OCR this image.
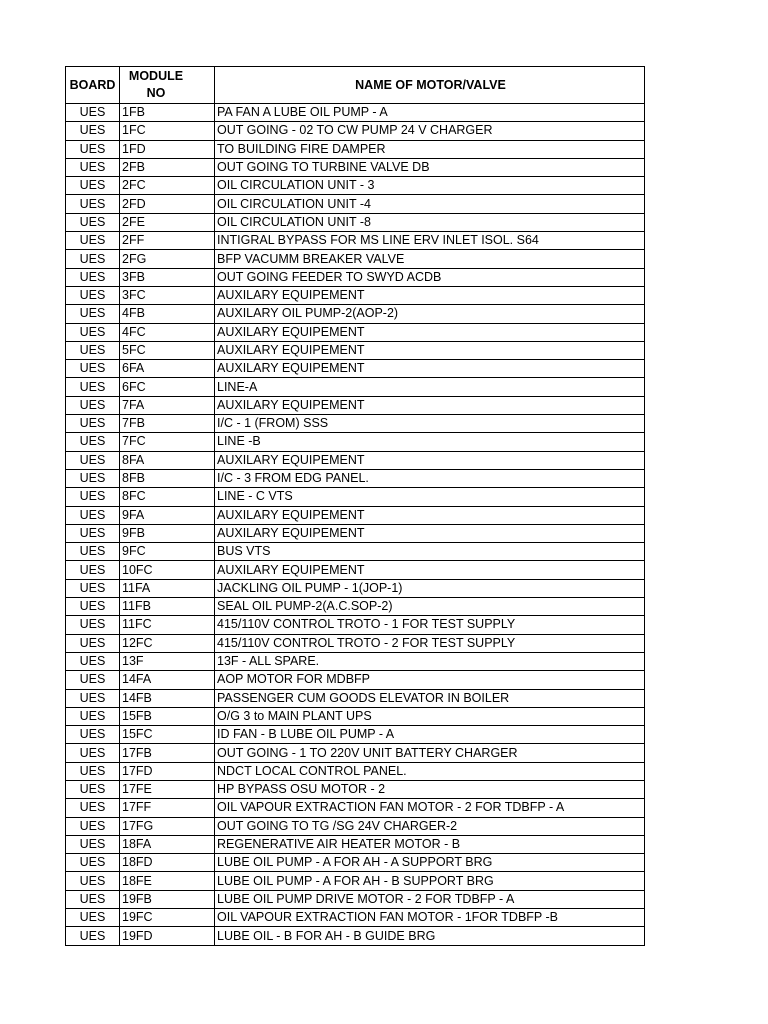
BOARD	MODULE NO	NAME OF MOTOR/VALVE
UES	1FB	PA FAN A LUBE OIL PUMP - A
UES	1FC	OUT GOING - 02 TO CW PUMP 24 V CHARGER
UES	1FD	TO BUILDING FIRE DAMPER
UES	2FB	OUT GOING TO TURBINE VALVE DB
UES	2FC	OIL CIRCULATION UNIT - 3
UES	2FD	OIL CIRCULATION UNIT -4
UES	2FE	OIL CIRCULATION UNIT -8
UES	2FF	INTIGRAL BYPASS FOR MS LINE ERV INLET ISOL. S64
UES	2FG	BFP VACUMM BREAKER VALVE
UES	3FB	OUT GOING FEEDER TO SWYD ACDB
UES	3FC	AUXILARY EQUIPEMENT
UES	4FB	AUXILARY OIL PUMP-2(AOP-2)
UES	4FC	AUXILARY EQUIPEMENT
UES	5FC	AUXILARY EQUIPEMENT
UES	6FA	AUXILARY EQUIPEMENT
UES	6FC	LINE-A
UES	7FA	AUXILARY EQUIPEMENT
UES	7FB	I/C - 1 (FROM) SSS
UES	7FC	LINE -B
UES	8FA	AUXILARY EQUIPEMENT
UES	8FB	I/C - 3 FROM EDG PANEL.
UES	8FC	LINE - C VTS
UES	9FA	AUXILARY EQUIPEMENT
UES	9FB	AUXILARY EQUIPEMENT
UES	9FC	BUS VTS
UES	10FC	AUXILARY EQUIPEMENT
UES	11FA	JACKLING OIL PUMP - 1(JOP-1)
UES	11FB	SEAL OIL PUMP-2(A.C.SOP-2)
UES	11FC	415/110V CONTROL TROTO - 1 FOR TEST SUPPLY
UES	12FC	415/110V CONTROL TROTO - 2 FOR TEST SUPPLY
UES	13F	13F - ALL SPARE.
UES	14FA	AOP MOTOR FOR MDBFP
UES	14FB	PASSENGER CUM GOODS ELEVATOR IN BOILER
UES	15FB	O/G 3 to MAIN PLANT UPS
UES	15FC	ID FAN - B LUBE OIL PUMP - A
UES	17FB	OUT GOING - 1 TO 220V UNIT BATTERY CHARGER
UES	17FD	NDCT LOCAL CONTROL PANEL.
UES	17FE	HP BYPASS OSU MOTOR - 2
UES	17FF	OIL VAPOUR EXTRACTION FAN MOTOR - 2 FOR TDBFP - A
UES	17FG	OUT GOING TO TG /SG 24V CHARGER-2
UES	18FA	REGENERATIVE AIR HEATER MOTOR - B
UES	18FD	LUBE OIL PUMP - A FOR AH - A SUPPORT BRG
UES	18FE	LUBE OIL PUMP - A FOR AH - B SUPPORT BRG
UES	19FB	LUBE OIL PUMP DRIVE MOTOR - 2 FOR TDBFP - A
UES	19FC	OIL VAPOUR EXTRACTION FAN MOTOR - 1FOR TDBFP -B
UES	19FD	LUBE OIL - B FOR AH - B GUIDE BRG
